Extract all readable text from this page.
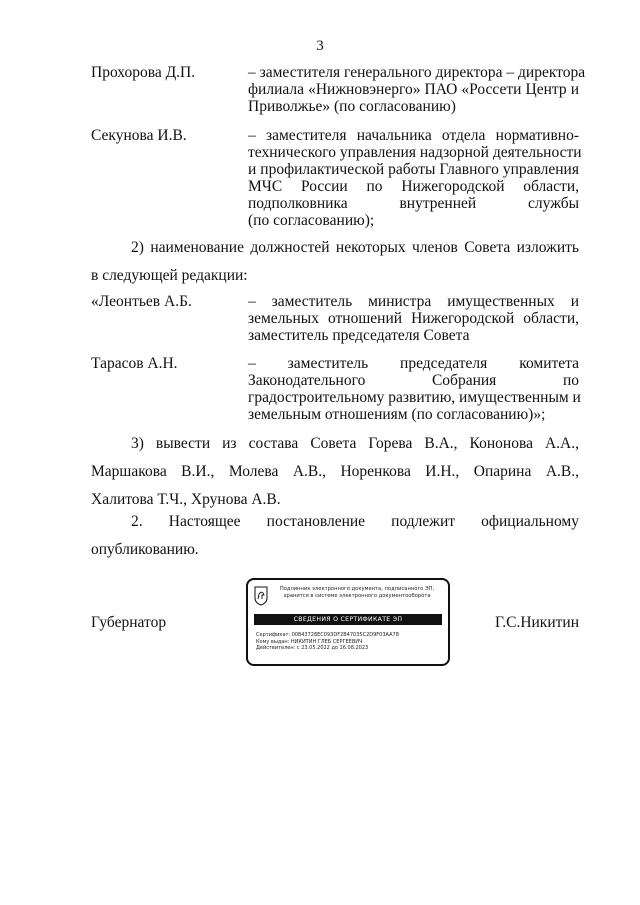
3
Прохорова Д.П.	– заместителя генерального директора – директора
филиала «Нижновэнерго» ПАО «Россети Центр и
Приволжье» (по согласованию)
Секунова И.В.	– заместителя начальника отдела нормативно-
технического управления надзорной деятельности
и профилактической работы Главного управления
МЧС России по Нижегородской области,
подполковника внутренней службы
(по согласованию);
2) наименование должностей некоторых членов Совета изложить
в следующей редакции:
«Леонтьев А.Б.	– заместитель министра имущественных и
земельных отношений Нижегородской области,
заместитель председателя Совета
Тарасов А.Н.	– заместитель председателя комитета
Законодательного Собрания по
градостроительному развитию, имущественным и
земельным отношениям (по согласованию)»;
3) вывести из состава Совета Горева В.А., Кононова А.А.,
Маршакова В.И., Молева А.В., Норенкова И.Н., Опарина А.В.,
Халитова Т.Ч., Хрунова А.В.
2. Настоящее постановление подлежит официальному
опубликованию.
Подлинник электронного документа, подписанного ЭП,
хранится в системе электронного документооборота
СВЕДЕНИЯ О СЕРТИФИКАТЕ ЭП
Сертификат: 00843728EC093DF2B47035C2D9F03AA78
Кому выдан: НИКИТИН ГЛЕБ СЕРГЕЕВИЧ
Действителен: с 23.05.2022 до 16.08.2023
Губернатор	Г.С.Никитин
